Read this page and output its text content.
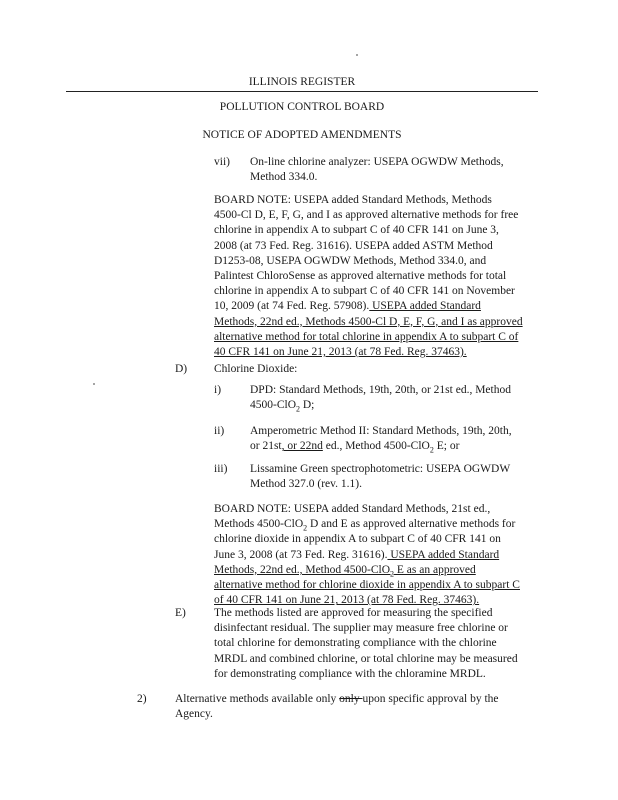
ILLINOIS REGISTER
POLLUTION CONTROL BOARD
NOTICE OF ADOPTED AMENDMENTS
vii) On-line chlorine analyzer: USEPA OGWDW Methods,
Method 334.0.
BOARD NOTE: USEPA added Standard Methods, Methods
4500-Cl D, E, F, G, and I as approved alternative methods for free
chlorine in appendix A to subpart C of 40 CFR 141 on June 3,
2008 (at 73 Fed. Reg. 31616). USEPA added ASTM Method
D1253-08, USEPA OGWDW Methods, Method 334.0, and
Palintest ChloroSense as approved alternative methods for total
chlorine in appendix A to subpart C of 40 CFR 141 on November
10, 2009 (at 74 Fed. Reg. 57908). USEPA added Standard
Methods, 22nd ed., Methods 4500-Cl D, E, F, G, and I as approved
alternative method for total chlorine in appendix A to subpart C of
40 CFR 141 on June 21, 2013 (at 78 Fed. Reg. 37463).
D) Chlorine Dioxide:
i)	DPD: Standard Methods, 19th, 20th, or 21st ed., Method
4500-ClO$_2$ D;
ii) Amperometric Method II: Standard Methods, 19th, 20th,
or 21st, or 22nd ed., Method 4500-ClO$_2$ E; or
iii) Lissamine Green spectrophotometric: USEPA OGWDW
Method 327.0 (rev. 1.1).
BOARD NOTE: USEPA added Standard Methods, 21st ed.,
Methods 4500-ClO$_2$ D and E as approved alternative methods for
chlorine dioxide in appendix A to subpart C of 40 CFR 141 on
June 3, 2008 (at 73 Fed. Reg. 31616). USEPA added Standard
Methods, 22nd ed., Method 4500-ClO$_2$ E as an approved
alternative method for chlorine dioxide in appendix A to subpart C
of 40 CFR 141 on June 21, 2013 (at 78 Fed. Reg. 37463).
E) The methods listed are approved for measuring the specified
disinfectant residual. The supplier may measure free chlorine or
total chlorine for demonstrating compliance with the chlorine
MRDL and combined chlorine, or total chlorine may be measured
for demonstrating compliance with the chloramine MRDL.
2) Alternative methods available only only upon specific approval by the
Agency.
